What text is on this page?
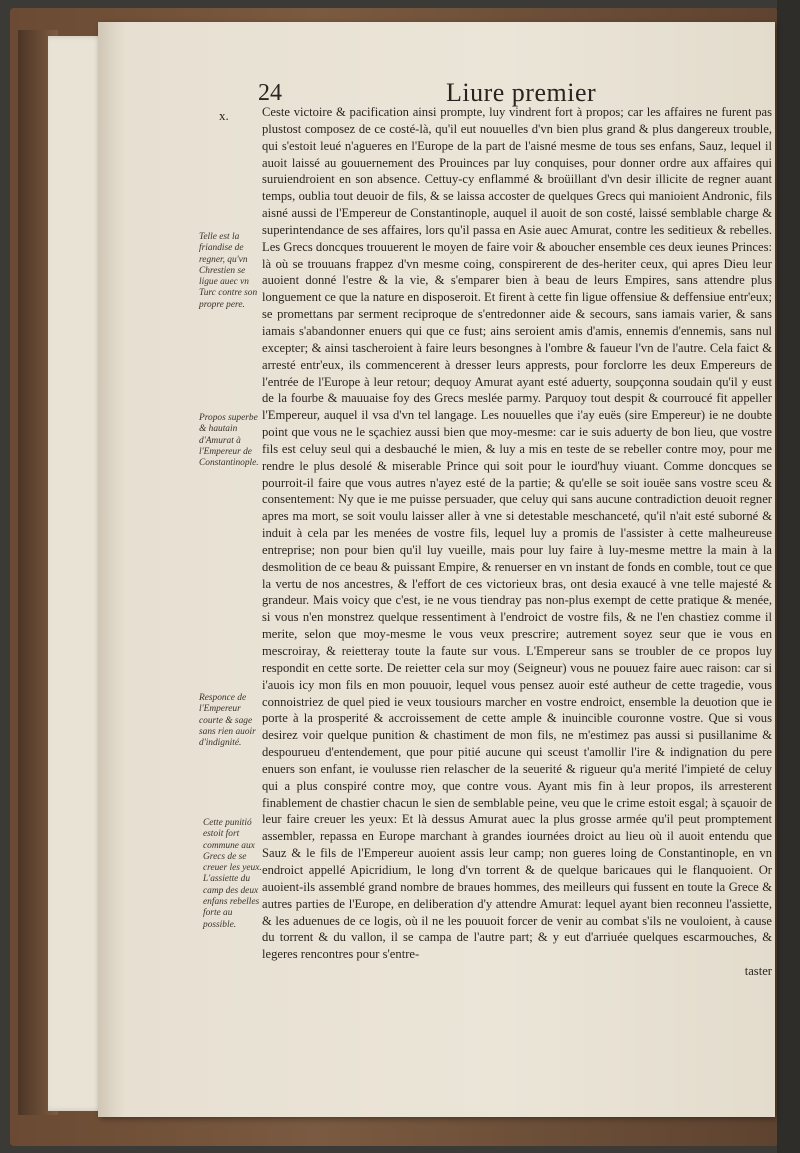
24	Liure premier
x.	Ceste victoire & pacification ainsi prompte, luy vindrent fort à propos; car les affaires ne furent pas plustost composez de ce costé-là, qu'il eut nouuelles d'vn bien plus grand & plus dangereux trouble, qui s'estoit leué n'agueres en l'Europe de la part de l'aisné mesme de tous ses enfans, Sauz, lequel il auoit laissé au gouuernement des Prouinces par luy conquises, pour donner ordre aux affaires qui suruiendroient en son absence. Cettuy-cy enflammé & broüillant d'vn desir illicite de regner auant temps, oublia tout deuoir de fils, & se laissa accoster de quelques Grecs qui manioient Andronic, fils aisné aussi de l'Empereur de Constantinople, auquel il auoit de son costé, laissé semblable charge & superintendance de ses affaires, lors qu'il passa en Asie auec Amurat, contre les seditieux & rebelles. Les Grecs doncques trouuerent le moyen de faire voir & aboucher ensemble ces deux ieunes Princes: là où se trouuans frappez d'vn mesme coing, conspirerent de des-heriter ceux, qui apres Dieu leur auoient donné l'estre & la vie, & s'emparer bien à beau de leurs Empires, sans attendre plus longuement ce que la nature en disposeroit. Et firent à cette fin ligue offensiue & deffensiue entr'eux; se promettans par serment reciproque de s'entredonner aide & secours, sans iamais varier, & sans iamais s'abandonner enuers qui que ce fust; ains seroient amis d'amis, ennemis d'ennemis, sans nul excepter; & ainsi tascheroient à faire leurs besongnes à l'ombre & faueur l'vn de l'autre. Cela faict & arresté entr'eux, ils commencerent à dresser leurs apprests, pour forclorre les deux Empereurs de l'entrée de l'Europe à leur retour; dequoy Amurat ayant esté aduerty, soupçonna soudain qu'il y eust de la fourbe & mauuaise foy des Grecs meslée parmy. Parquoy tout despit & courroucé fit appeller l'Empereur, auquel il vsa d'vn tel langage. Les nouuelles que i'ay euës (sire Empereur) ie ne doubte point que vous ne le sçachiez aussi bien que moy-mesme: car ie suis aduerty de bon lieu, que vostre fils est celuy seul qui a desbauché le mien, & luy a mis en teste de se rebeller contre moy, pour me rendre le plus desolé & miserable Prince qui soit pour le iourd'huy viuant. Comme doncques se pourroit-il faire que vous autres n'ayez esté de la partie; & qu'elle se soit iouëe sans vostre sceu & consentement: Ny que ie me puisse persuader, que celuy qui sans aucune contradiction deuoit regner apres ma mort, se soit voulu laisser aller à vne si detestable meschanceté, qu'il n'ait esté suborné & induit à cela par les menées de vostre fils, lequel luy a promis de l'assister à cette malheureuse entreprise; non pour bien qu'il luy vueille, mais pour luy faire à luy-mesme mettre la main à la desmolition de ce beau & puissant Empire, & renuerser en vn instant de fonds en comble, tout ce que la vertu de nos ancestres, & l'effort de ces victorieux bras, ont desia exaucé à vne telle majesté & grandeur. Mais voicy que c'est, ie ne vous tiendray pas non-plus exempt de cette pratique & menée, si vous n'en monstrez quelque ressentiment à l'endroict de vostre fils, & ne l'en chastiez comme il merite, selon que moy-mesme le vous veux prescrire; autrement soyez seur que ie vous en mescroiray, & reietteray toute la faute sur vous. L'Empereur sans se troubler de ce propos luy respondit en cette sorte. De reietter cela sur moy (Seigneur) vous ne pouuez faire auec raison: car si i'auois icy mon fils en mon pouuoir, lequel vous pensez auoir esté autheur de cette tragedie, vous connoistriez de quel pied ie veux tousiours marcher en vostre endroict, ensemble la deuotion que ie porte à la prosperité & accroissement de cette ample & inuincible couronne vostre. Que si vous desirez voir quelque punition & chastiment de mon fils, ne m'estimez pas aussi si pusillanime & despourueu d'entendement, que pour pitié aucune qui sceust t'amollir l'ire & indignation du pere enuers son enfant, ie voulusse rien relascher de la seuerité & rigueur qu'a merité l'impieté de celuy qui a plus conspiré contre moy, que contre vous. Ayant mis fin à leur propos, ils arresterent finablement de chastier chacun le sien de semblable peine, veu que le crime estoit esgal; à sçauoir de leur faire creuer les yeux: Et là dessus Amurat auec la plus grosse armée qu'il peut promptement assembler, repassa en Europe marchant à grandes iournées droict au lieu où il auoit entendu que Sauz & le fils de l'Empereur auoient assis leur camp; non gueres loing de Constantinople, en vn endroict appellé Apicridium, le long d'vn torrent & de quelque baricaues qui le flanquoient. Or auoient-ils assemblé grand nombre de braues hommes, des meilleurs qui fussent en toute la Grece & autres parties de l'Europe, en deliberation d'y attendre Amurat: lequel ayant bien reconneu l'assiette, & les aduenues de ce logis, où il ne les pouuoit forcer de venir au combat s'ils ne vouloient, à cause du torrent & du vallon, il se campa de l'autre part; & y eut d'arriuée quelques escarmouches, & legeres rencontres pour s'entre-

taster
Telle est la friandise de regner, qu'vn Chrestien se ligue auec vn Turc contre son propre pere.
Propos superbe & hautain d'Amurat à l'Empereur de Constantinople.
Responce de l'Empereur courte & sage sans rien auoir d'indignité.
Cette punitió estoit fort commune aux Grecs de se creuer les yeux. L'assiette du camp des deux enfans rebelles forte au possible.
